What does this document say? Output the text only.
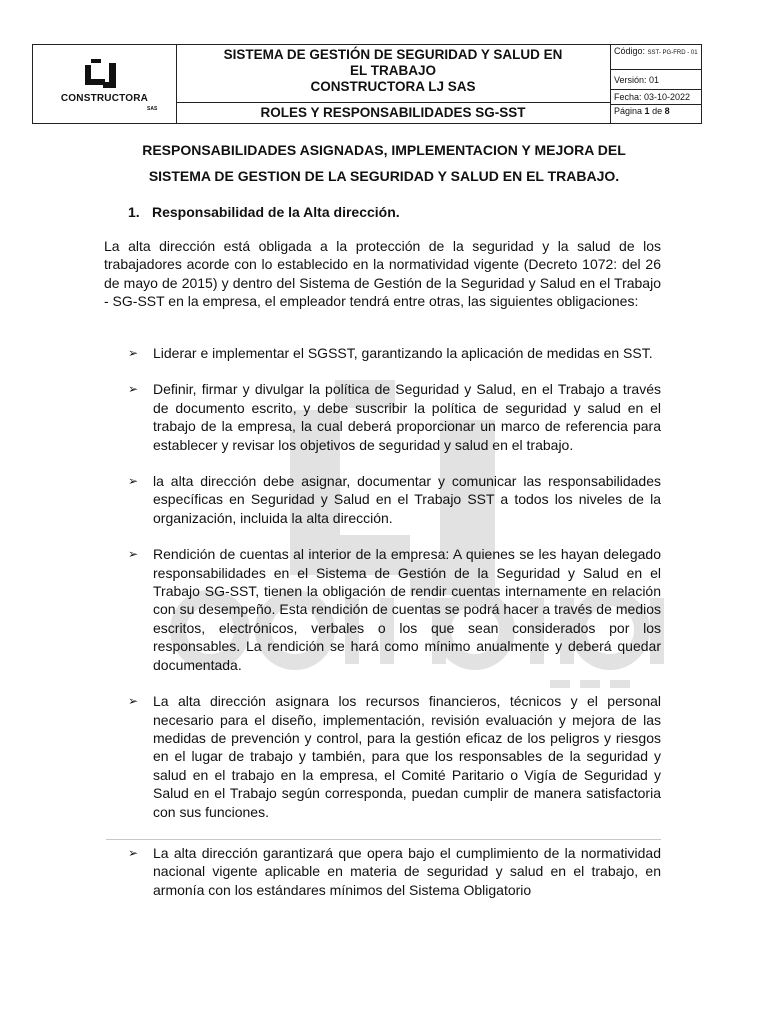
CONSTRUCTORA
SAS
SISTEMA DE GESTIÓN DE SEGURIDAD Y SALUD EN
EL TRABAJO
CONSTRUCTORA LJ SAS
ROLES Y RESPONSABILIDADES SG-SST
Código: SST- PG-FRD - 01
Versión: 01
Fecha: 03-10-2022
Página 1 de 8
RESPONSABILIDADES ASIGNADAS, IMPLEMENTACION Y MEJORA DEL
SISTEMA DE GESTION DE LA SEGURIDAD Y SALUD EN EL TRABAJO.
1. Responsabilidad de la Alta dirección.
La alta dirección está obligada a la protección de la seguridad y la salud de los trabajadores acorde con lo establecido en la normatividad vigente (Decreto 1072: del 26 de mayo de 2015) y dentro del Sistema de Gestión de la Seguridad y Salud en el Trabajo - SG-SST en la empresa, el empleador tendrá entre otras, las siguientes obligaciones:
➢ Liderar e implementar el SGSST, garantizando la aplicación de medidas en SST.
➢ Definir, firmar y divulgar la política de Seguridad y Salud, en el Trabajo a través de documento escrito, y debe suscribir la política de seguridad y salud en el trabajo de la empresa, la cual deberá proporcionar un marco de referencia para establecer y revisar los objetivos de seguridad y salud en el trabajo.
➢ la alta dirección debe asignar, documentar y comunicar las responsabilidades específicas en Seguridad y Salud en el Trabajo SST a todos los niveles de la organización, incluida la alta dirección.
➢ Rendición de cuentas al interior de la empresa: A quienes se les hayan delegado responsabilidades en el Sistema de Gestión de la Seguridad y Salud en el Trabajo SG-SST, tienen la obligación de rendir cuentas internamente en relación con su desempeño. Esta rendición de cuentas se podrá hacer a través de medios escritos, electrónicos, verbales o los que sean considerados por los responsables. La rendición se hará como mínimo anualmente y deberá quedar documentada.
➢ La alta dirección asignara los recursos financieros, técnicos y el personal necesario para el diseño, implementación, revisión evaluación y mejora de las medidas de prevención y control, para la gestión eficaz de los peligros y riesgos en el lugar de trabajo y también, para que los responsables de la seguridad y salud en el trabajo en la empresa, el Comité Paritario o Vigía de Seguridad y Salud en el Trabajo según corresponda, puedan cumplir de manera satisfactoria con sus funciones.
➢ La alta dirección garantizará que opera bajo el cumplimiento de la normatividad nacional vigente aplicable en materia de seguridad y salud en el trabajo, en armonía con los estándares mínimos del Sistema Obligatorio
